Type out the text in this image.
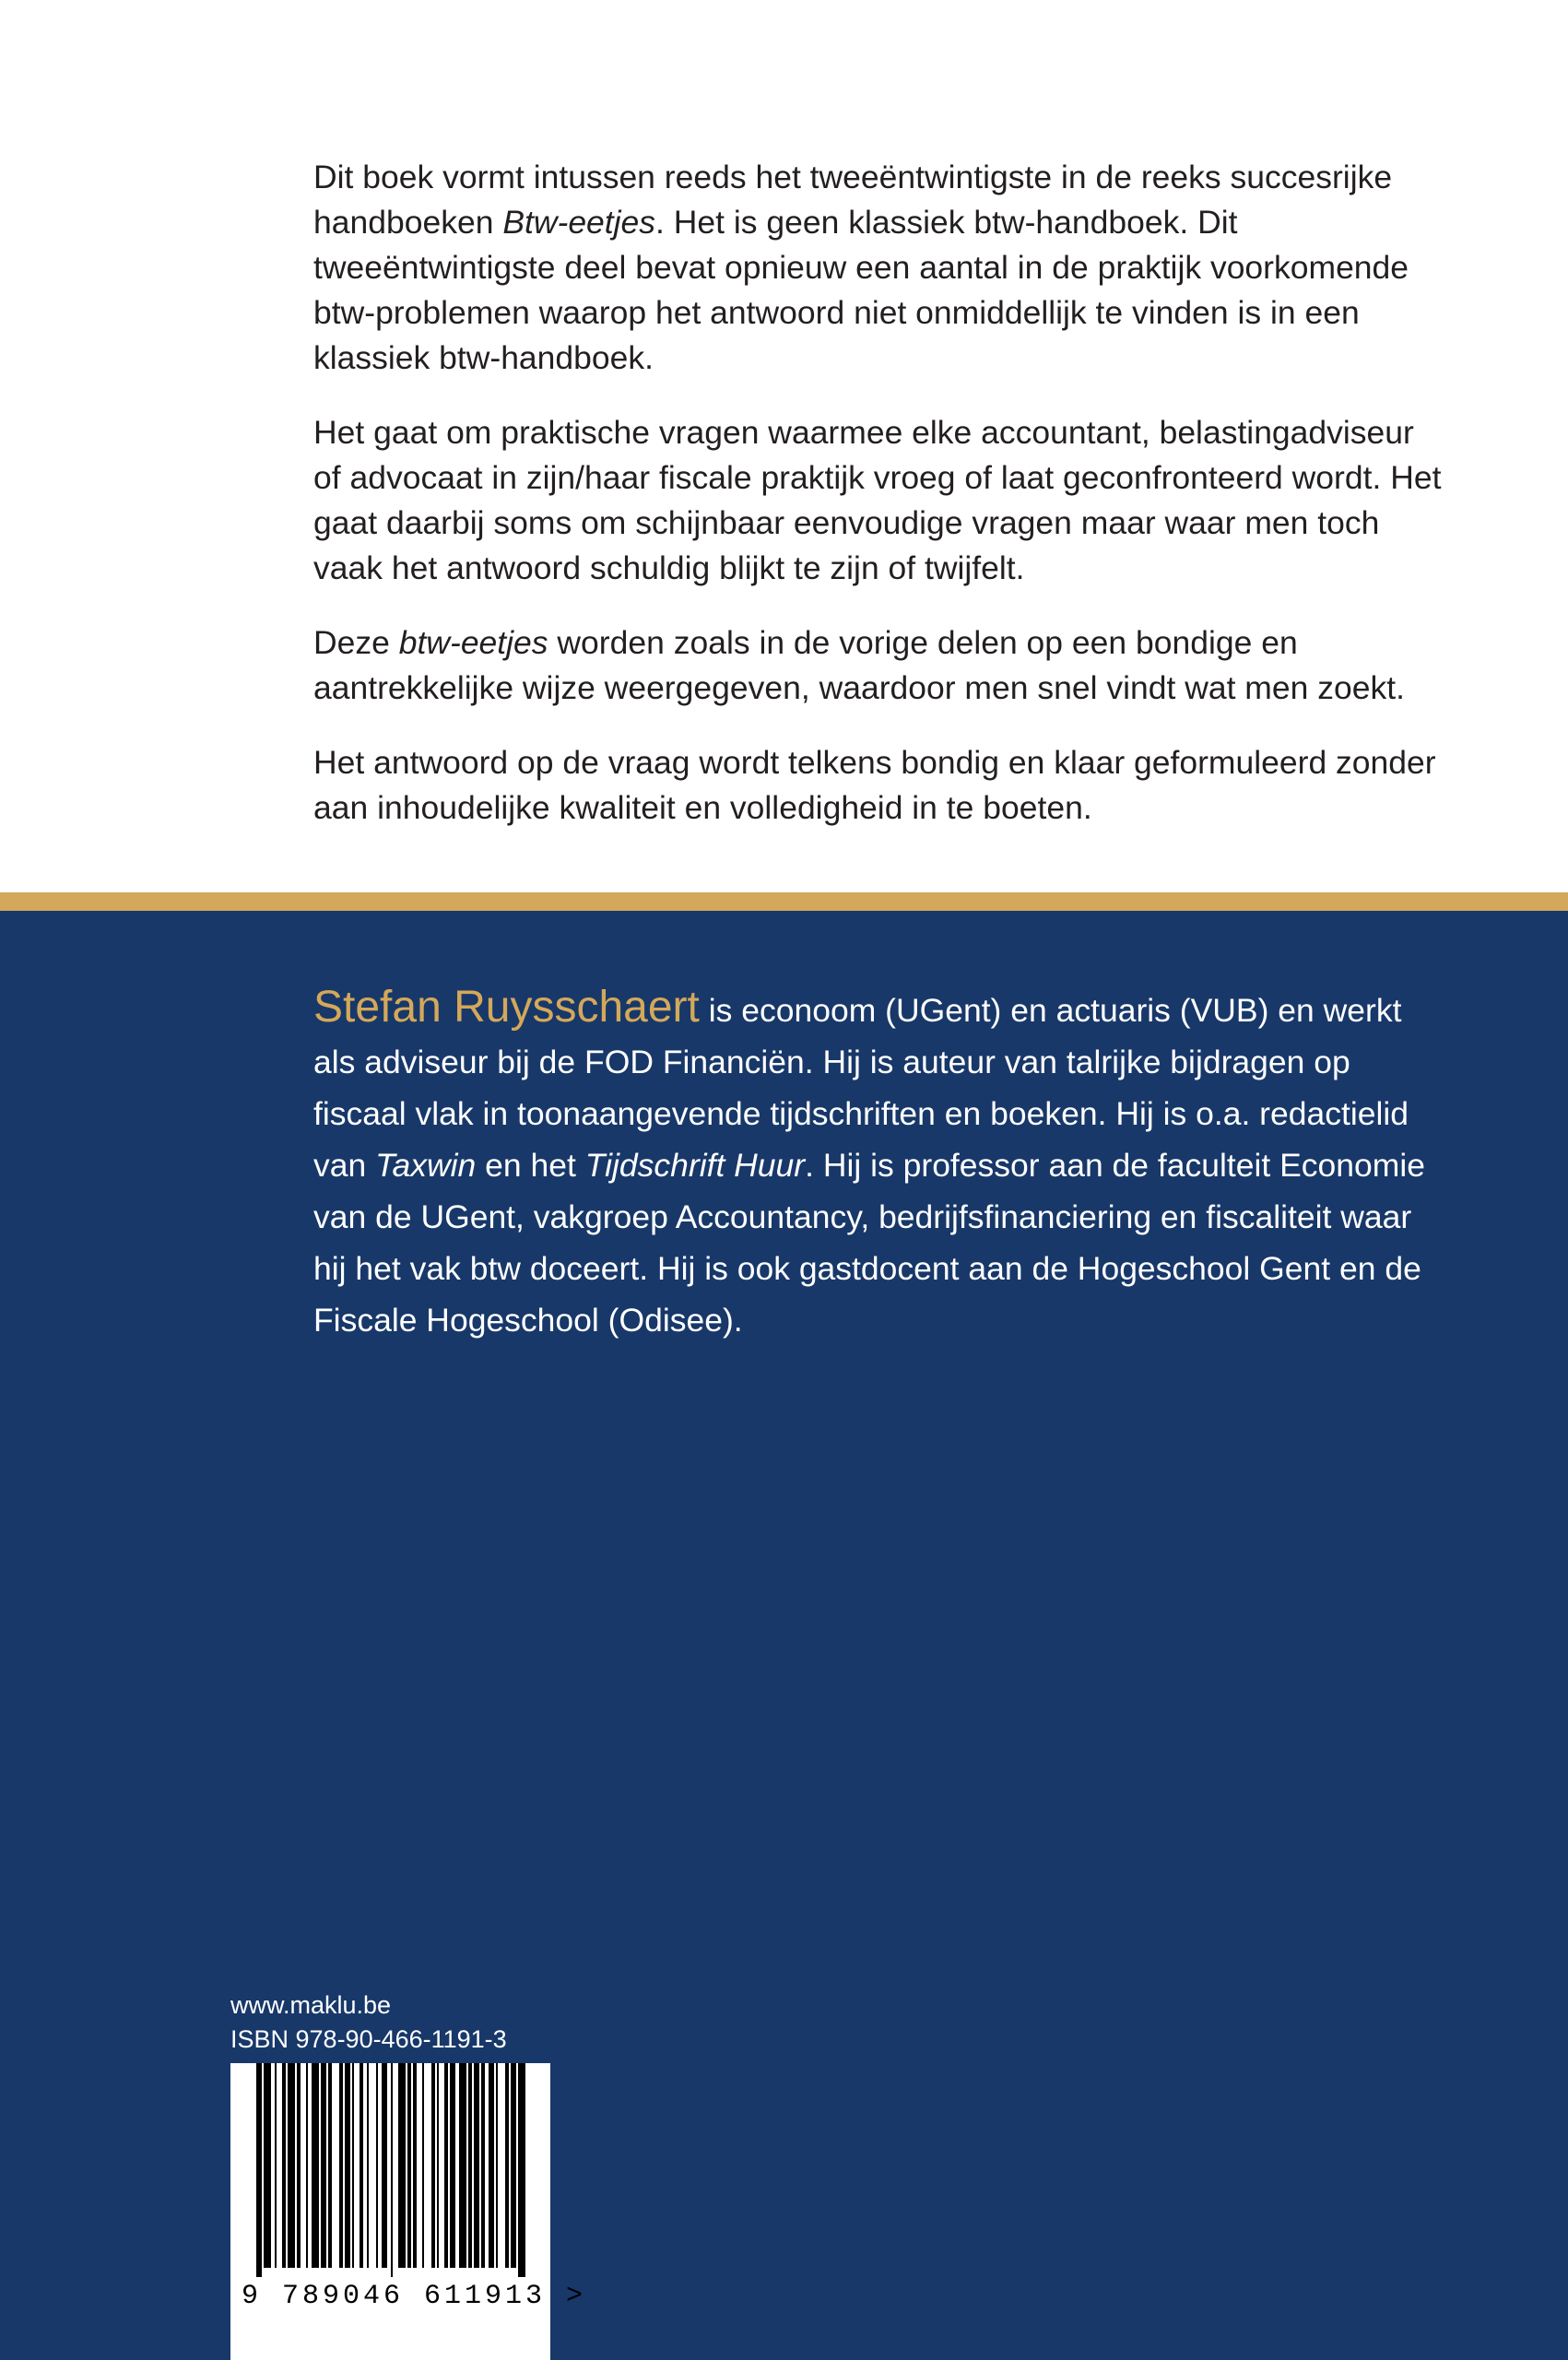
Dit boek vormt intussen reeds het tweeëntwintigste in de reeks succesrijke handboeken Btw-eetjes. Het is geen klassiek btw-handboek. Dit tweeëntwintigste deel bevat opnieuw een aantal in de praktijk voorkomende btw-problemen waarop het antwoord niet onmiddellijk te vinden is in een klassiek btw-handboek.

Het gaat om praktische vragen waarmee elke accountant, belastingadviseur of advocaat in zijn/haar fiscale praktijk vroeg of laat geconfronteerd wordt. Het gaat daarbij soms om schijnbaar eenvoudige vragen maar waar men toch vaak het antwoord schuldig blijkt te zijn of twijfelt.

Deze btw-eetjes worden zoals in de vorige delen op een bondige en aantrekkelijke wijze weergegeven, waardoor men snel vindt wat men zoekt.

Het antwoord op de vraag wordt telkens bondig en klaar geformuleerd zonder aan inhoudelijke kwaliteit en volledigheid in te boeten.

Stefan Ruysschaert is econoom (UGent) en actuaris (VUB) en werkt als adviseur bij de FOD Financiën. Hij is auteur van talrijke bijdragen op fiscaal vlak in toonaangevende tijdschriften en boeken. Hij is o.a. redactielid van Taxwin en het Tijdschrift Huur. Hij is professor aan de faculteit Economie van de UGent, vakgroep Accountancy, bedrijfsfinanciering en fiscaliteit waar hij het vak btw doceert. Hij is ook gastdocent aan de Hogeschool Gent en de Fiscale Hogeschool (Odisee).

www.maklu.be
ISBN 978-90-466-1191-3
9 789046 611913 >
